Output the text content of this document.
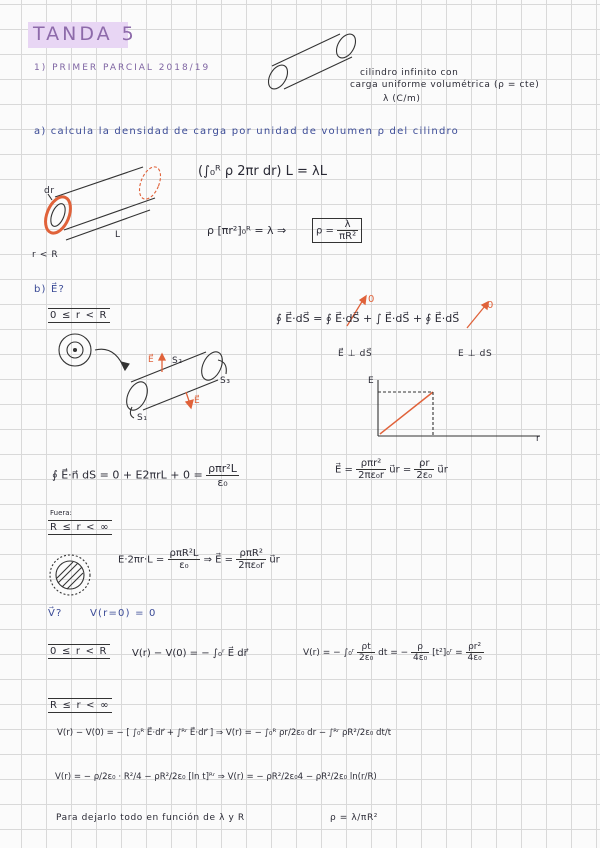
TANDA 5
1) PRIMER PARCIAL 2018/19	cilindro infinito con
carga uniforme volumétrica (ρ = cte)
λ (C/m)
a) calcula la densidad de carga por unidad de volumen ρ del cilindro
(∫₀ᴿ ρ 2πr dr) L = λL
ρ [πr²]₀ᴿ = λ ⇒	$\rho = \frac{\lambda}{\text{πR²}}$
dr
L
r < R
b) E⃗?
0 ≤ r < R	∮ E⃗·dS⃗ = ∮ E⃗·dS⃗ + ∫ E⃗·dS⃗ + ∮ E⃗·dS⃗
0
0
E⃗ ⊥ dS⃗	E ⊥ dS
S₂
S₃
S₁
E⃗
E⃗
E
r
∮ E⃗·n⃗ dS = $0 + E2\pi rL + 0 = \frac{\text{ρπr²L}}{\text{ε₀}}$	E⃗ = $\frac{\text{ρπr²}}{\text{2πε₀r}}$ u⃗r = $\frac{\rho r}{\text{2ε₀}}$ u⃗r
Fuera:
R ≤ r < ∞
$E\cdot 2\pi r\cdot L = \frac{\text{ρπR²L}}{\text{ε₀}}$ ⇒ E⃗ = $\frac{\text{ρπR²}}{\text{2πε₀r}}$ u⃗r
V⃗?	V(r=0) = 0
0 ≤ r < R V(r) − V(0) = − ∫₀ʳ E⃗ dr⃗	V(r) = − ∫₀ʳ $\frac{\rho t}{\text{2ε₀}}$ dt = − $\frac{\rho}{\text{4ε₀}}$ [t²]₀ʳ = $\frac{\text{ρr²}}{\text{4ε₀}}$
R ≤ r < ∞
V(r) − V(0) = − [ ∫₀ᴿ E⃗·dr⃗ + ∫ᴿʳ E⃗·dr⃗ ] ⇒ V(r) = − ∫₀ᴿ ρr/2ε₀ dr − ∫ᴿʳ ρR²/2ε₀ dt/t
V(r) = − ρ/2ε₀ · R²/4 − ρR²/2ε₀ [ln t]ᴿʳ ⇒ V(r) = − ρR²/2ε₀4 − ρR²/2ε₀ ln(r/R)
Para dejarlo todo en función de λ y R	ρ = λ/πR²
